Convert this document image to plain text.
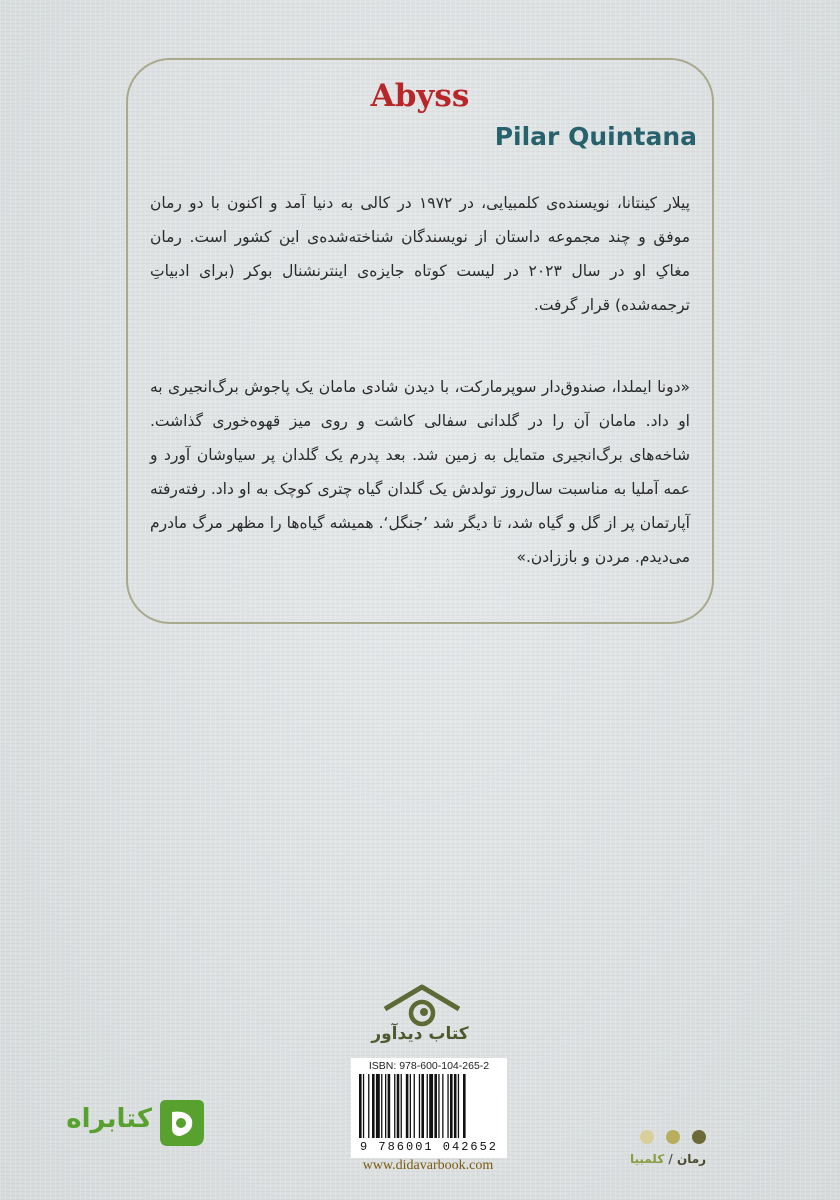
Abyss
Pilar Quintana
پیلار کینتانا، نویسنده‌ی کلمبیایی، در ۱۹۷۲ در کالی به دنیا آمد و اکنون با دو رمان موفق و چند مجموعه داستان از نویسندگان شناخته‌شده‌ی این کشور است. رمان مغاکِ او در سال ۲۰۲۳ در لیست کوتاه جایزه‌ی اینترنشنال بوکر (برای ادبیاتِ ترجمه‌شده) قرار گرفت.
«دونا ایملدا، صندوق‌دار سوپرمارکت، با دیدن شادی مامان یک پاجوش برگ‌انجیری به او داد. مامان آن را در گلدانی سفالی کاشت و روی میز قهوه‌خوری گذاشت. شاخه‌های برگ‌انجیری متمایل به زمین شد. بعد پدرم یک گلدان پر سیاوشان آورد و عمه آملیا به مناسبت سال‌روز تولدش یک گلدان گیاه چتری کوچک به او داد. رفته‌رفته آپارتمان پر از گل و گیاه شد، تا دیگر شد ’جنگل‘. همیشه گیاه‌ها را مظهر مرگ مادرم می‌دیدم. مردن و باززادن.»
کتاب دیدآور
ISBN: 978-600-104-265-2
9 786001 042652
www.didavarbook.com
کتابراه
رمان / کلمبیا
